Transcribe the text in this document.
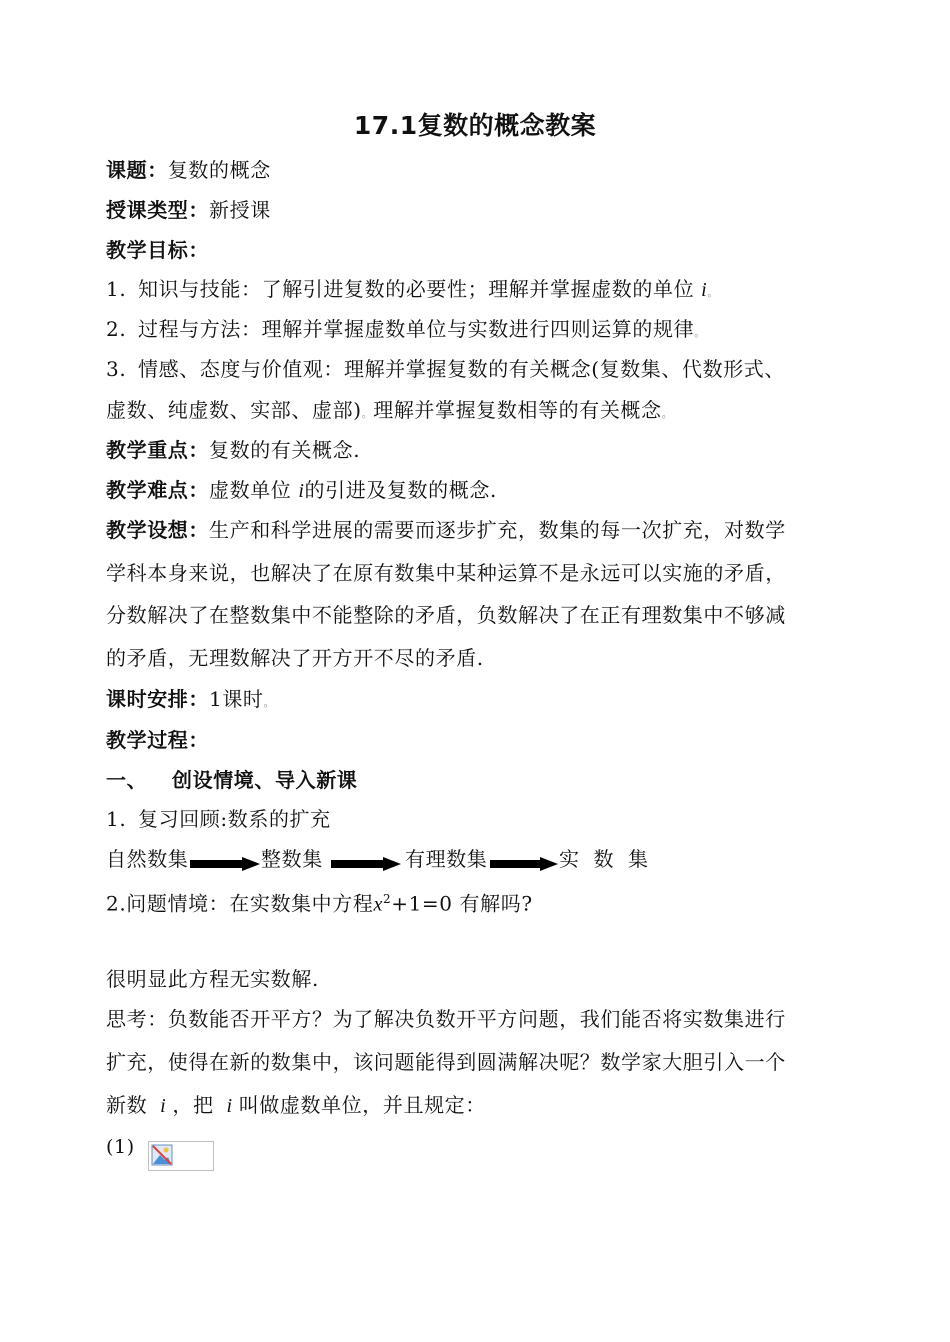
17.1复数的概念教案
课题：复数的概念
授课类型：新授课
教学目标：
1. 知识与技能：了解引进复数的必要性；理解并掌握虚数的单位 i。
2. 过程与方法：理解并掌握虚数单位与实数进行四则运算的规律。
3. 情感、态度与价值观：理解并掌握复数的有关概念(复数集、代数形式、
虚数、纯虚数、实部、虚部)。理解并掌握复数相等的有关概念。
教学重点：复数的有关概念.
教学难点：虚数单位 i的引进及复数的概念.
教学设想：生产和科学进展的需要而逐步扩充，数集的每一次扩充，对数学
学科本身来说，也解决了在原有数集中某种运算不是永远可以实施的矛盾，
分数解决了在整数集中不能整除的矛盾，负数解决了在正有理数集中不够减
的矛盾，无理数解决了开方开不尽的矛盾.
课时安排：1课时。
教学过程：
一、 创设情境、导入新课
1. 复习回顾:数系的扩充
自然数集	整数集	有理数集	实  数  集
2.问题情境：在实数集中方程$x^2+1=0$ 有解吗?
很明显此方程无实数解.
思考：负数能否开平方？为了解决负数开平方问题，我们能否将实数集进行
扩充，使得在新的数集中，该问题能得到圆满解决呢？数学家大胆引入一个
新数 i ，把 i 叫做虚数单位，并且规定：
(1)
